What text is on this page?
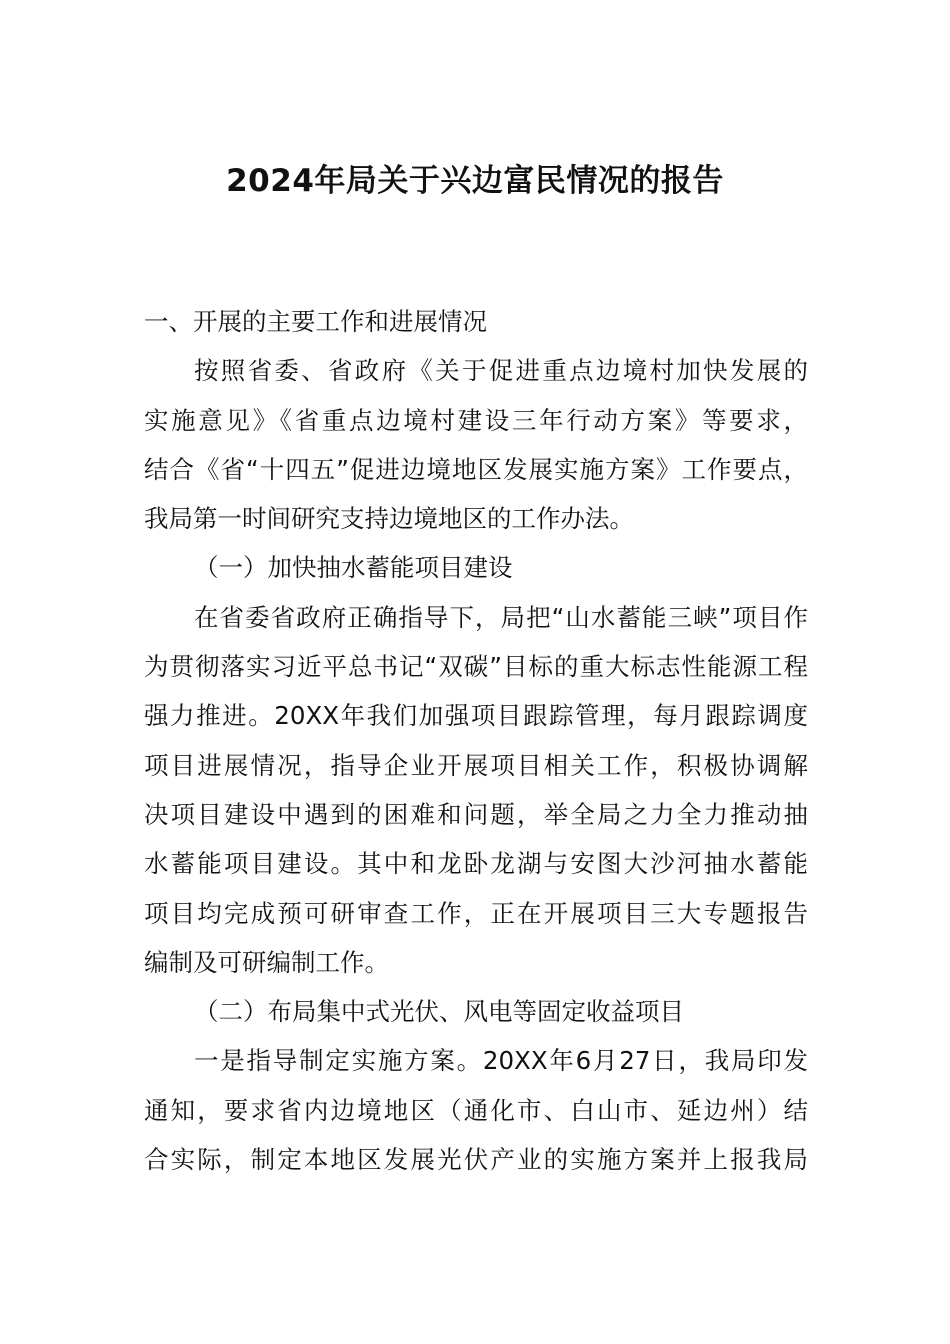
2024年局关于兴边富民情况的报告
一、开展的主要工作和进展情况
按照省委、省政府《关于促进重点边境村加快发展的
实施意见》《省重点边境村建设三年行动方案》等要求，
结合《省“十四五”促进边境地区发展实施方案》工作要点，
我局第一时间研究支持边境地区的工作办法。
（一）加快抽水蓄能项目建设
在省委省政府正确指导下，局把“山水蓄能三峡”项目作
为贯彻落实习近平总书记“双碳”目标的重大标志性能源工程
强力推进。20XX年我们加强项目跟踪管理，每月跟踪调度
项目进展情况，指导企业开展项目相关工作，积极协调解
决项目建设中遇到的困难和问题，举全局之力全力推动抽
水蓄能项目建设。其中和龙卧龙湖与安图大沙河抽水蓄能
项目均完成预可研审查工作，正在开展项目三大专题报告
编制及可研编制工作。
（二）布局集中式光伏、风电等固定收益项目
一是指导制定实施方案。20XX年6月27日，我局印发
通知，要求省内边境地区（通化市、白山市、延边州）结
合实际，制定本地区发展光伏产业的实施方案并上报我局
